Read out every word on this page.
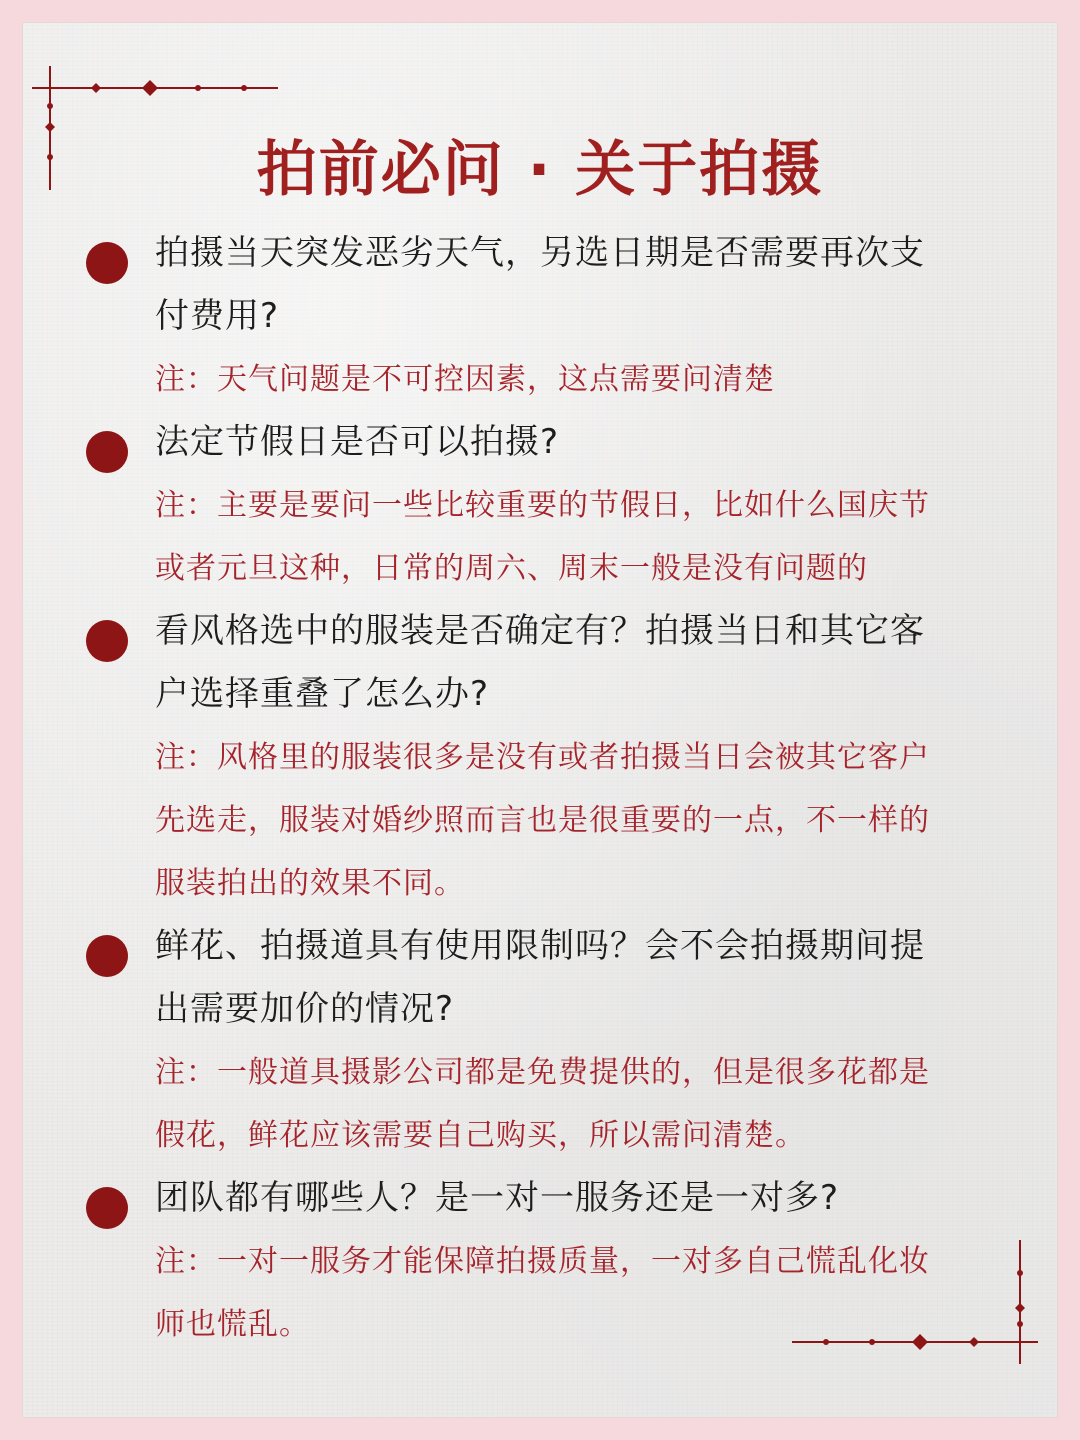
拍前必问 · 关于拍摄
拍摄当天突发恶劣天气，另选日期是否需要再次支付费用?
注：天气问题是不可控因素，这点需要问清楚
法定节假日是否可以拍摄?
注：主要是要问一些比较重要的节假日，比如什么国庆节或者元旦这种，日常的周六、周末一般是没有问题的
看风格选中的服装是否确定有？拍摄当日和其它客户选择重叠了怎么办?
注：风格里的服装很多是没有或者拍摄当日会被其它客户先选走，服装对婚纱照而言也是很重要的一点，不一样的服装拍出的效果不同。
鲜花、拍摄道具有使用限制吗？会不会拍摄期间提出需要加价的情况?
注：一般道具摄影公司都是免费提供的，但是很多花都是假花，鲜花应该需要自己购买，所以需问清楚。
团队都有哪些人？是一对一服务还是一对多?
注：一对一服务才能保障拍摄质量，一对多自己慌乱化妆师也慌乱。
